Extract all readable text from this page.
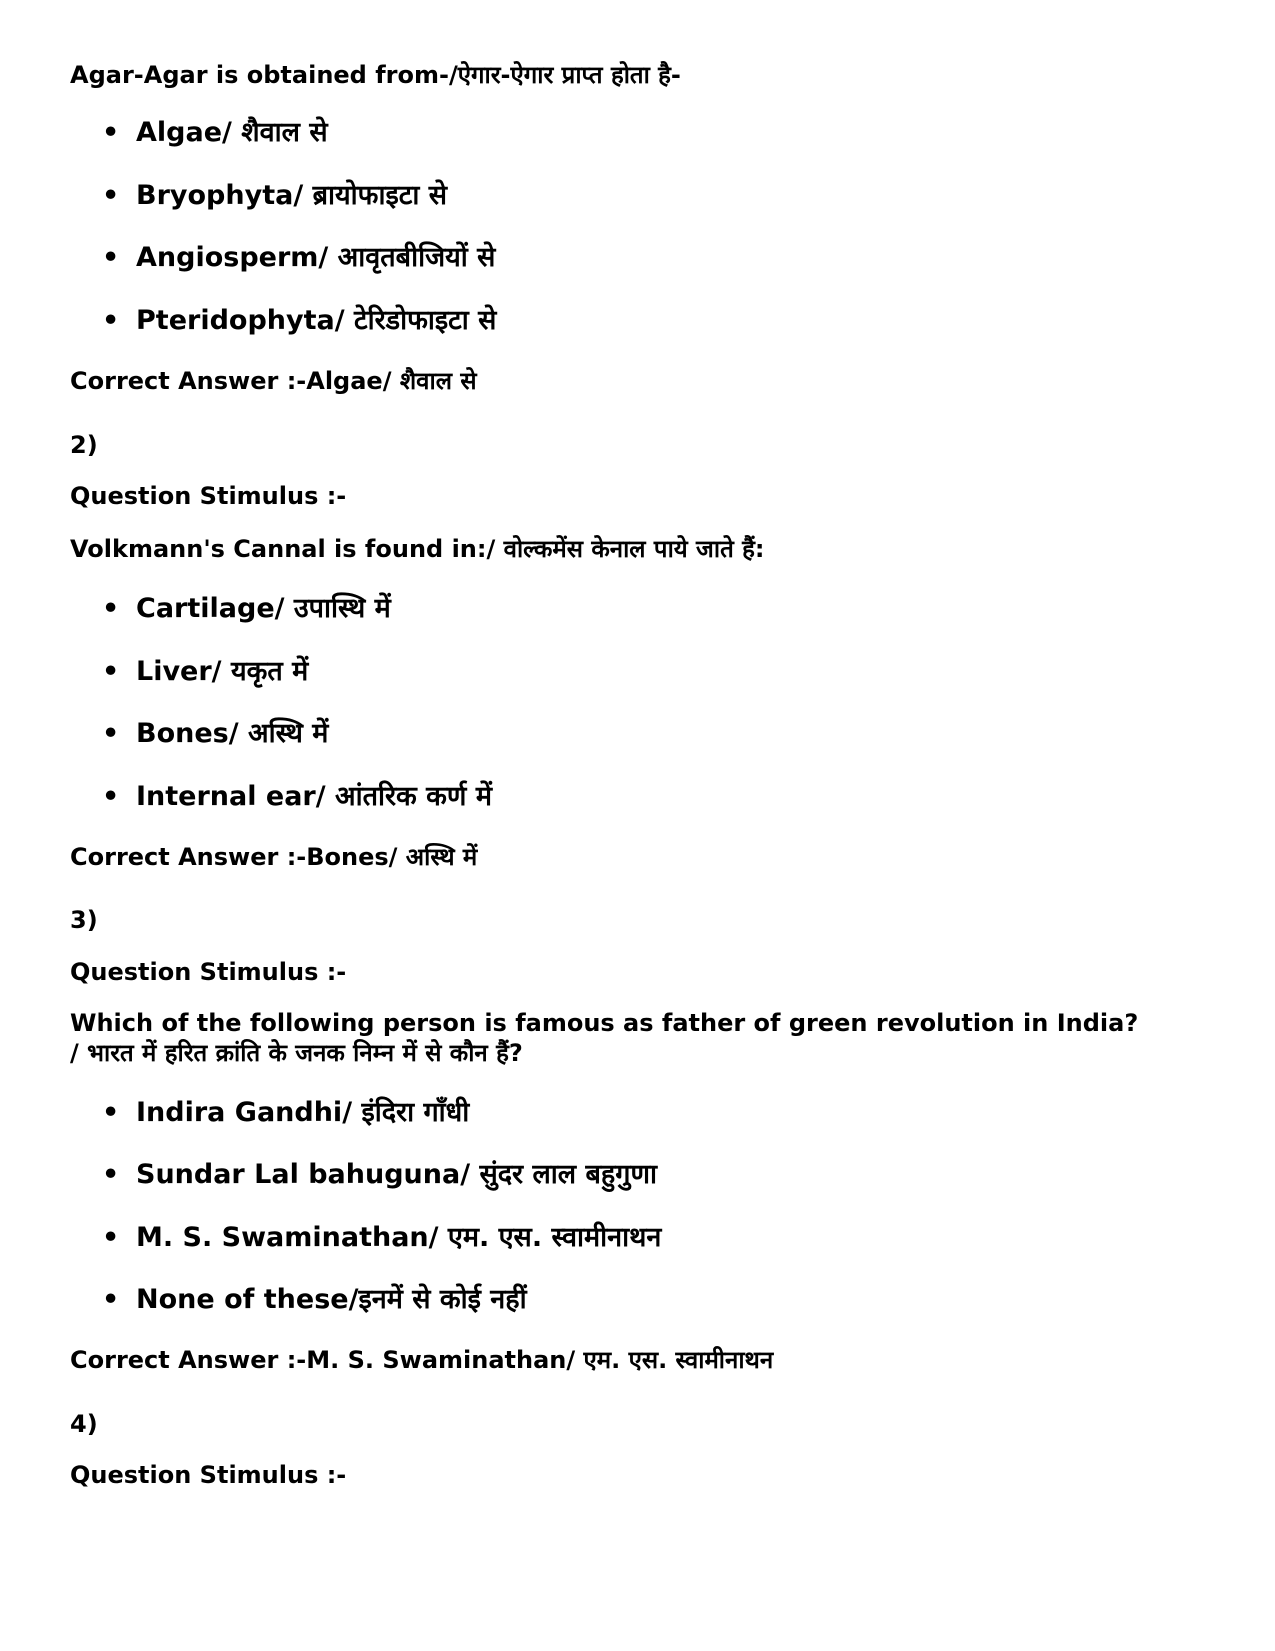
Agar-Agar is obtained from-/ऐगार-ऐगार प्राप्त होता है-

• Algae/ शैवाल से

• Bryophyta/ ब्रायोफाइटा से

• Angiosperm/ आवृतबीजियों से

• Pteridophyta/ टेरिडोफाइटा से

Correct Answer :-Algae/ शैवाल से

2)

Question Stimulus :-

Volkmann's Cannal is found in:/ वोल्कमेंस केनाल पाये जाते हैं:

• Cartilage/ उपास्थि में

• Liver/ यकृत में

• Bones/ अस्थि में

• Internal ear/ आंतरिक कर्ण में

Correct Answer :-Bones/ अस्थि में

3)

Question Stimulus :-

Which of the following person is famous as father of green revolution in India?
/ भारत में हरित क्रांति के जनक निम्न में से कौन हैं?

• Indira Gandhi/ इंदिरा गाँधी

• Sundar Lal bahuguna/ सुंदर लाल बहुगुणा

• M. S. Swaminathan/ एम. एस. स्वामीनाथन

• None of these/इनमें से कोई नहीं

Correct Answer :-M. S. Swaminathan/ एम. एस. स्वामीनाथन

4)

Question Stimulus :-
